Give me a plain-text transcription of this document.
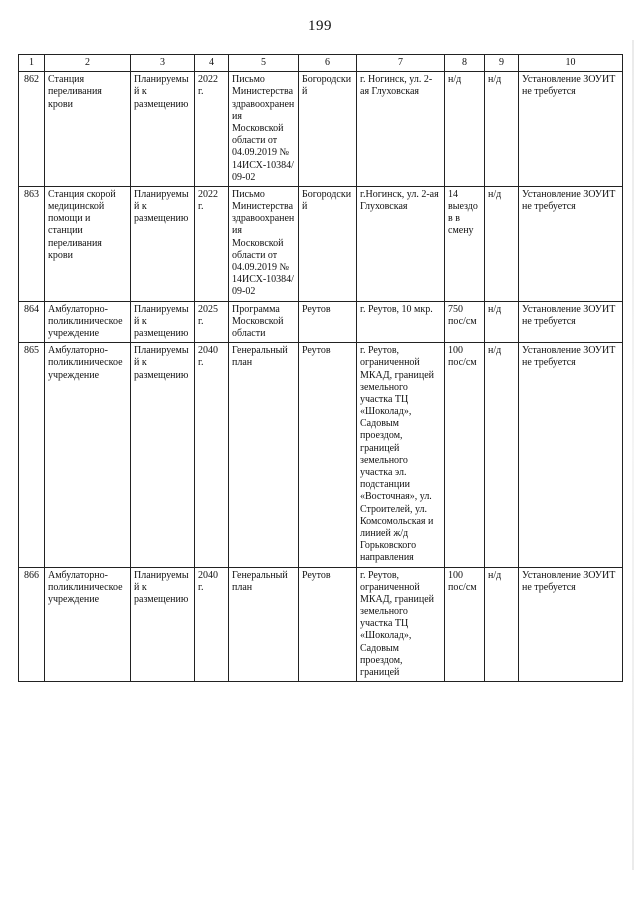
199
1	2	3	4	5	6	7	8	9	10
862	Станция переливания крови	Планируемый к размещению	2022 г.	Письмо Министерства здравоохранения Московской области от 04.09.2019 № 14ИСХ-10384/09-02	Богородский	г. Ногинск, ул. 2-ая Глуховская	н/д	н/д	Установление ЗОУИТ не требуется
863	Станция скорой медицинской помощи и станции переливания крови	Планируемый к размещению	2022 г.	Письмо Министерства здравоохранения Московской области от 04.09.2019 № 14ИСХ-10384/09-02	Богородский	г.Ногинск, ул. 2-ая Глуховская	14 выездов в смену	н/д	Установление ЗОУИТ не требуется
864	Амбулаторно-поликлиническое учреждение	Планируемый к размещению	2025 г.	Программа Московской области	Реутов	г. Реутов, 10 мкр.	750 пос/см	н/д	Установление ЗОУИТ не требуется
865	Амбулаторно-поликлиническое учреждение	Планируемый к размещению	2040 г.	Генеральный план	Реутов	г. Реутов, ограниченной МКАД, границей земельного участка ТЦ «Шоколад», Садовым проездом, границей земельного участка эл. подстанции «Восточная», ул. Строителей, ул. Комсомольская и линией ж/д Горьковского направления	100 пос/см	н/д	Установление ЗОУИТ не требуется
866	Амбулаторно-поликлиническое учреждение	Планируемый к размещению	2040 г.	Генеральный план	Реутов	г. Реутов, ограниченной МКАД, границей земельного участка ТЦ «Шоколад», Садовым проездом, границей	100 пос/см	н/д	Установление ЗОУИТ не требуется
